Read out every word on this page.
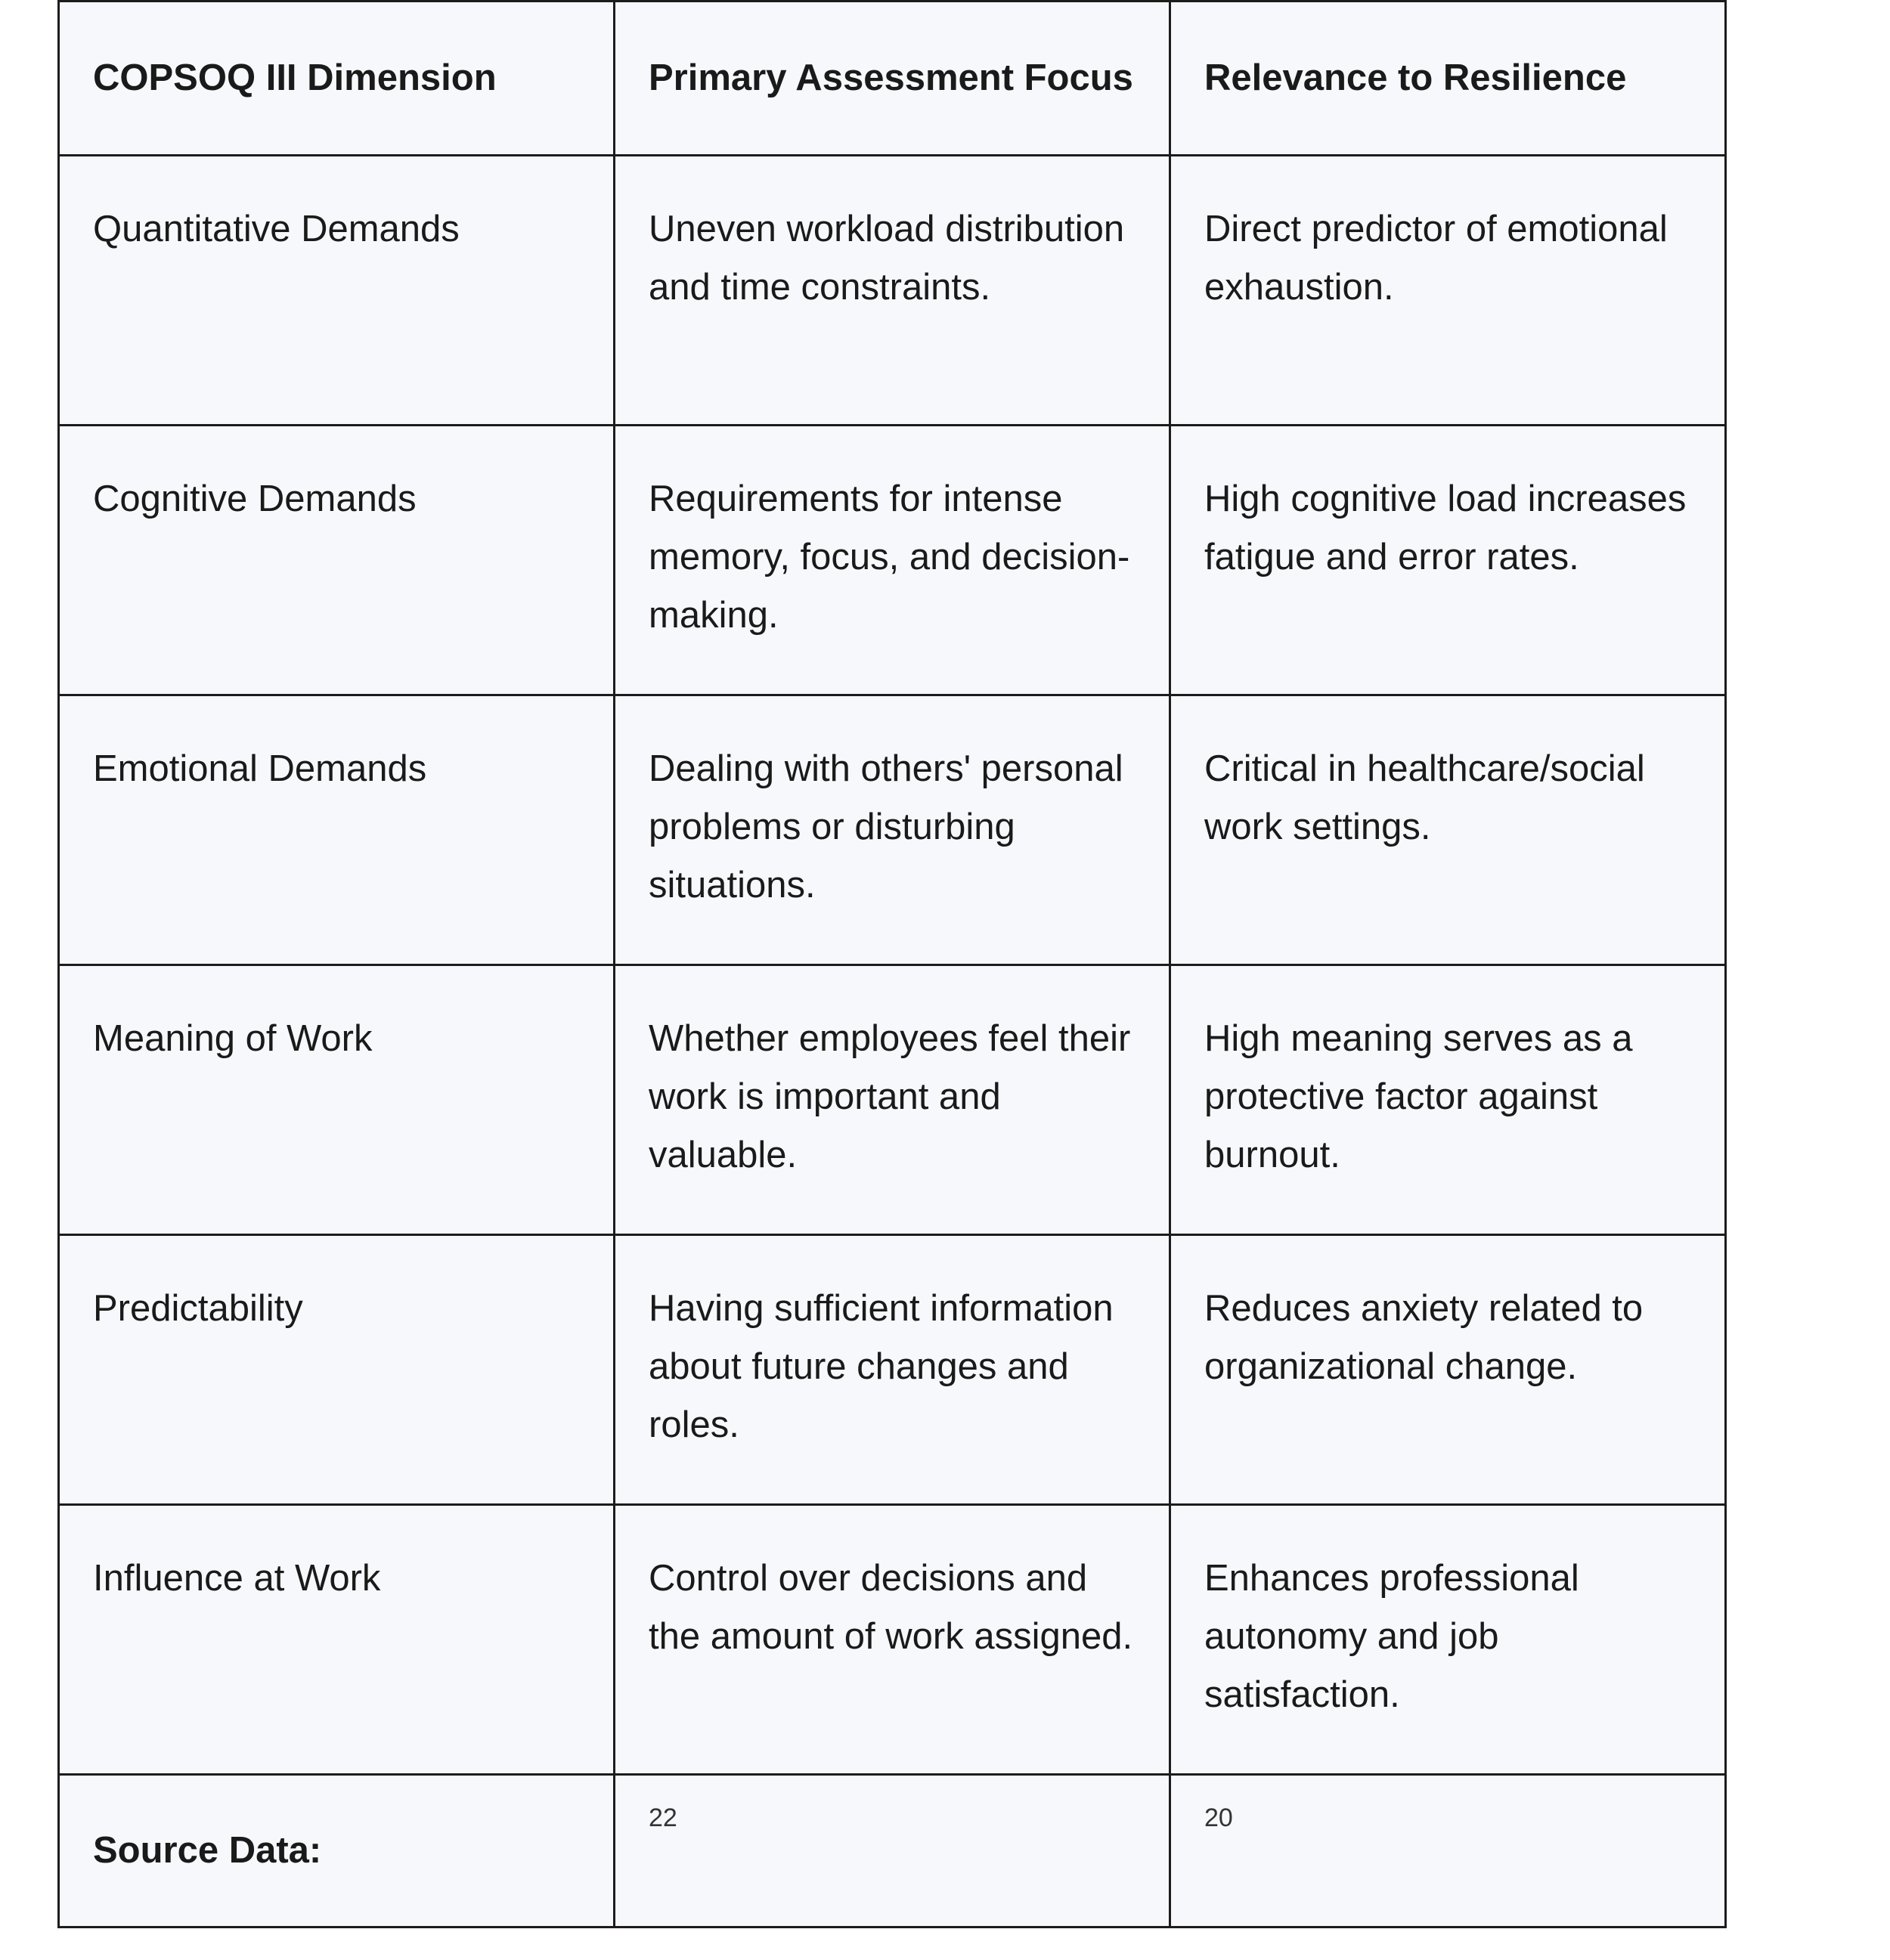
COPSOQ III Dimension	Primary Assessment Focus	Relevance to Resilience
Quantitative Demands	Uneven workload distribution and time constraints.	Direct predictor of emotional exhaustion.
Cognitive Demands	Requirements for intense memory, focus, and decision-making.	High cognitive load increases fatigue and error rates.
Emotional Demands	Dealing with others' personal problems or disturbing situations.	Critical in healthcare/social work settings.
Meaning of Work	Whether employees feel their work is important and valuable.	High meaning serves as a protective factor against burnout.
Predictability	Having sufficient information about future changes and roles.	Reduces anxiety related to organizational change.
Influence at Work	Control over decisions and the amount of work assigned.	Enhances professional autonomy and job satisfaction.
Source Data:	22	20
